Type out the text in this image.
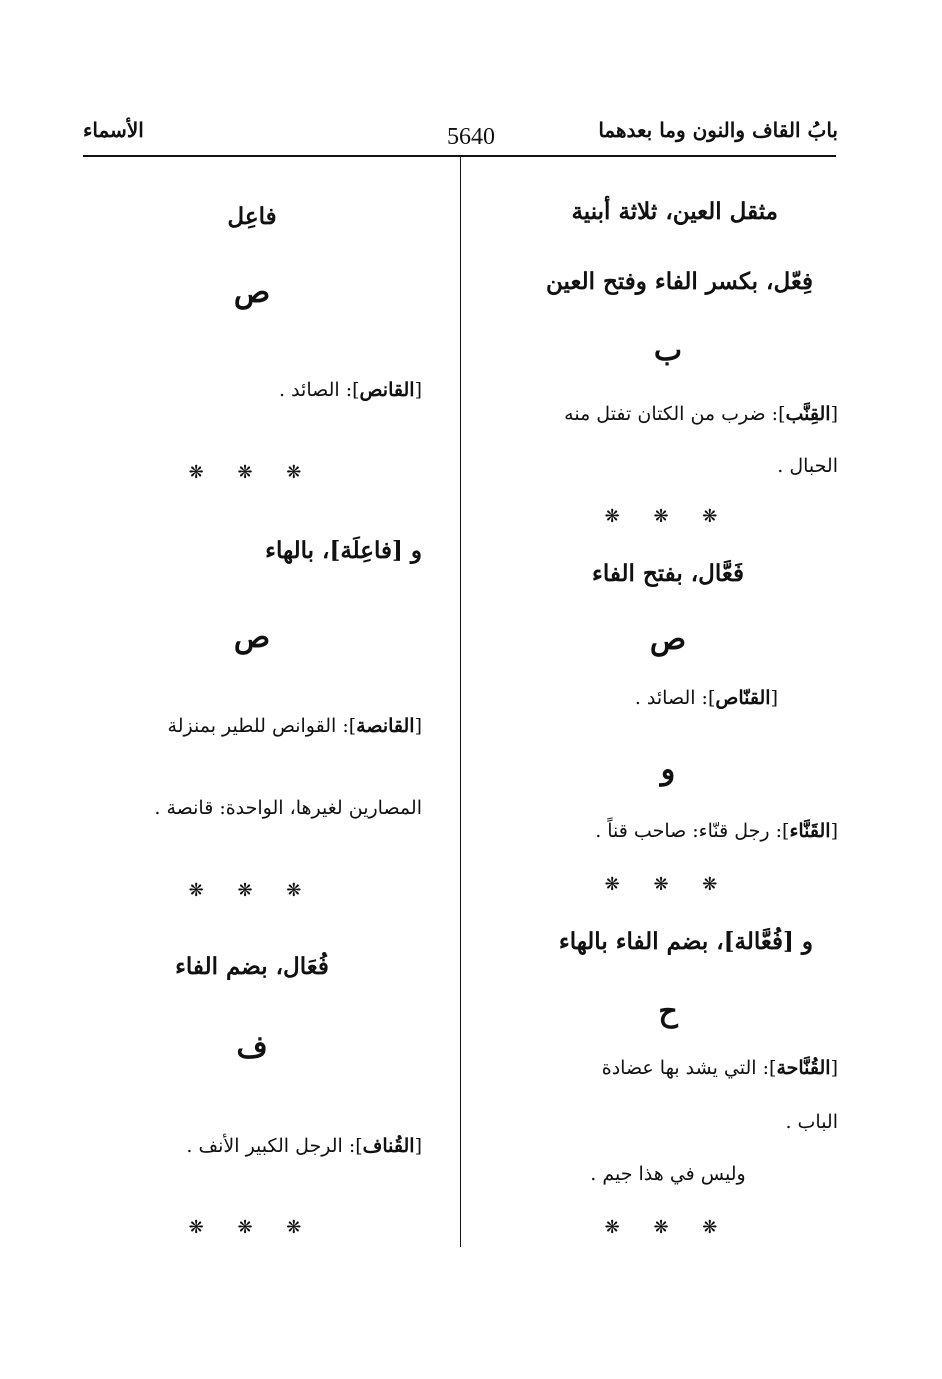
بابُ القاف والنون وما بعدهما
5640
الأسماء
مثقل العين، ثلاثة أبنية
فِعّل، بكسر الفاء وفتح العين
ب
[القِنَّب]: ضرب من الكتان تفتل منه
الحبال .
❋ ❋ ❋
فَعَّال، بفتح الفاء
ص
[القنّاص]: الصائد .
و
[القَنَّاء]: رجل قنّاء: صاحب قناً .
❋ ❋ ❋
و [فُعَّالة]، بضم الفاء بالهاء
ح
[القُنَّاحة]: التي يشد بها عضادة
الباب .
وليس في هذا جيم .
❋ ❋ ❋
فاعِل
ص
[القانص]: الصائد .
❋ ❋ ❋
و [فاعِلَة]، بالهاء
ص
[القانصة]: القوانص للطير بمنزلة
المصارين لغيرها، الواحدة: قانصة .
❋ ❋ ❋
فُعَال، بضم الفاء
ف
[القُناف]: الرجل الكبير الأنف .
❋ ❋ ❋
